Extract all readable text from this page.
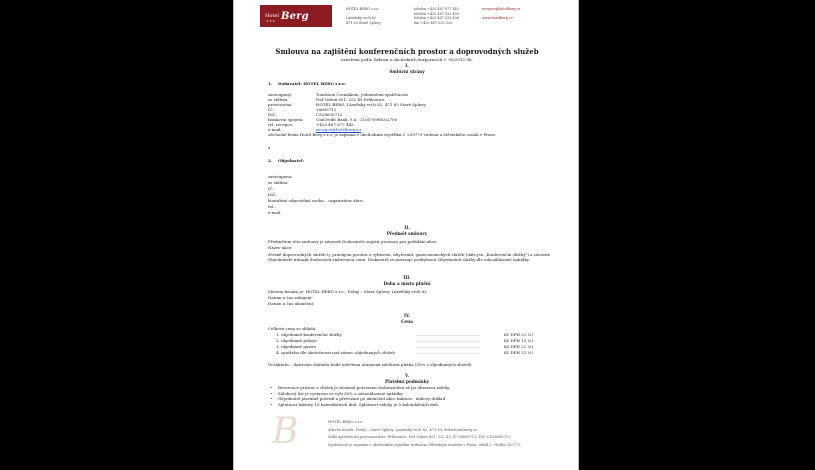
Hotel Berg
★★★
HOTEL BERG s.r.o.

Lázeňský vrch 82
471 63 Staré Splavy
telefon +420 487 877 445
telefon +420 487 525 405
telefon +420 487 525 406
fax +420 487 525 332
recepce@hotelberg.cz

www.hotelberg.cz
Smlouva na zajištění konferenčních prostor a doprovodných služeb
uzavřená podle Zákona o obchodních korporacích č. 90/2012 Sb.
I.
Smluvní strany
1. Dodavatel: HOTEL BERG s.r.o.
zastoupený:
se sídlem:
provozovna:
IČ:
DIČ:
bankovní spojení:
tel. recepce:
e-mail:
Tomášem Čermákem, jednatelem společnosti
Pod Valem 851, 252 43 Průhonice
HOTEL BERG, Lázeňský vrch 82, 471 63 Staré Splavy
28695712
CZ28695712
UniCredit Bank, č.ú.: 2105709883/2700
+420 487 877 445
recepce@hotelberg.cz
obchodní firma Hotel Berg s.r.o. je zapsána v obchodním rejstříku C 250779 vedená u Městského soudu v Praze
a
2. Objednatel:
zastoupena:
se sídlem:
IČ:
DIČ:
kontaktní odpovědná osoba – organizátor akce:
tel.:
e-mail:
II.
Předmět smlouvy
Předmětem této smlouvy je závazek Dodavatele zajistit prostory pro pořádání akce.
Název akce:
včetně doprovodných služeb tj. pronájem prostor a vybavení, ubytování, gastronomických služeb (dále jen „Konferenční služby") a závazek Objednatele uhradit dodavateli smluvenou cenu. Dodavatel se zavazuje poskytnout Objednateli služby dle odsouhlasené nabídky.
III.
Doba a místo plnění
Místem konání je: HOTEL BERG s.r.o., Dolný – Staré Splavy, Lázeňský vrch 82
Datum a čas zahájení:
Datum a čas ukončení:
IV.
Cena
Celková cena se skládá:
1. objednané konferenční služby
2. objednané pokoje
3. objednané gastro
4. spotřeba dle skutečnosti nad rámec objednaných služeb
…………………………………………
…………………………………………
…………………………………………
…………………………………………
Kč DPH 21 %)
Kč DPH 15 %)
Kč DPH 21 %)
Kč DPH 21 %)
Ve faktuře – daňovém dokladu bude odečtena uhrazená zálohová platba (30% z objednaných služeb)
V.
Platební podmínky
• Rezervace prostor a služeb je závazně potvrzena dodavatelem až po uhrazení zálohy.
• Zálohový list je vystaven ve výši 30% z odsouhlasené nabídky.
• Objednatel písemně potvrdí a převezme po ukončení akce fakturu - daňový doklad.
• Splatnost faktury 10 kalendářních dnů. Splatnost zálohy je 5 kalendářních dnů.
B	HOTEL BERG s.r.o.
Adresa hotelu: Dolný – Staré Splavy, Lázeňský vrch 82, 471 63, www.hotelberg.cz
Sídlo společnosti provozovatele: Průhonice, Pod Valem 851, 252 43, IČ 28695712, DIČ CZ28695712
Společnost je zapsána v obchodním rejstříku vedeném Městským soudem v Praze, oddíl C, vložka 250779
